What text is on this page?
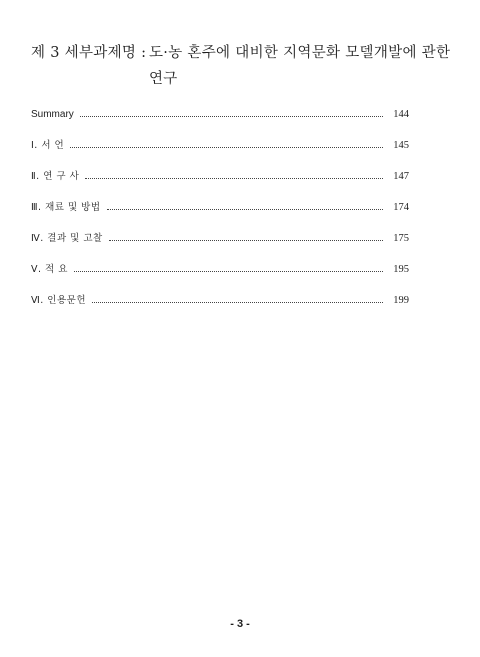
제 3 세부과제명 : 도·농 혼주에 대비한 지역문화 모델개발에 관한
연구
Summary	144
Ⅰ. 서 언	145
Ⅱ. 연 구 사	147
Ⅲ. 재료 및 방법	174
Ⅳ. 결과 및 고찰	175
Ⅴ. 적 요	195
Ⅵ. 인용문헌	199
- 3 -
